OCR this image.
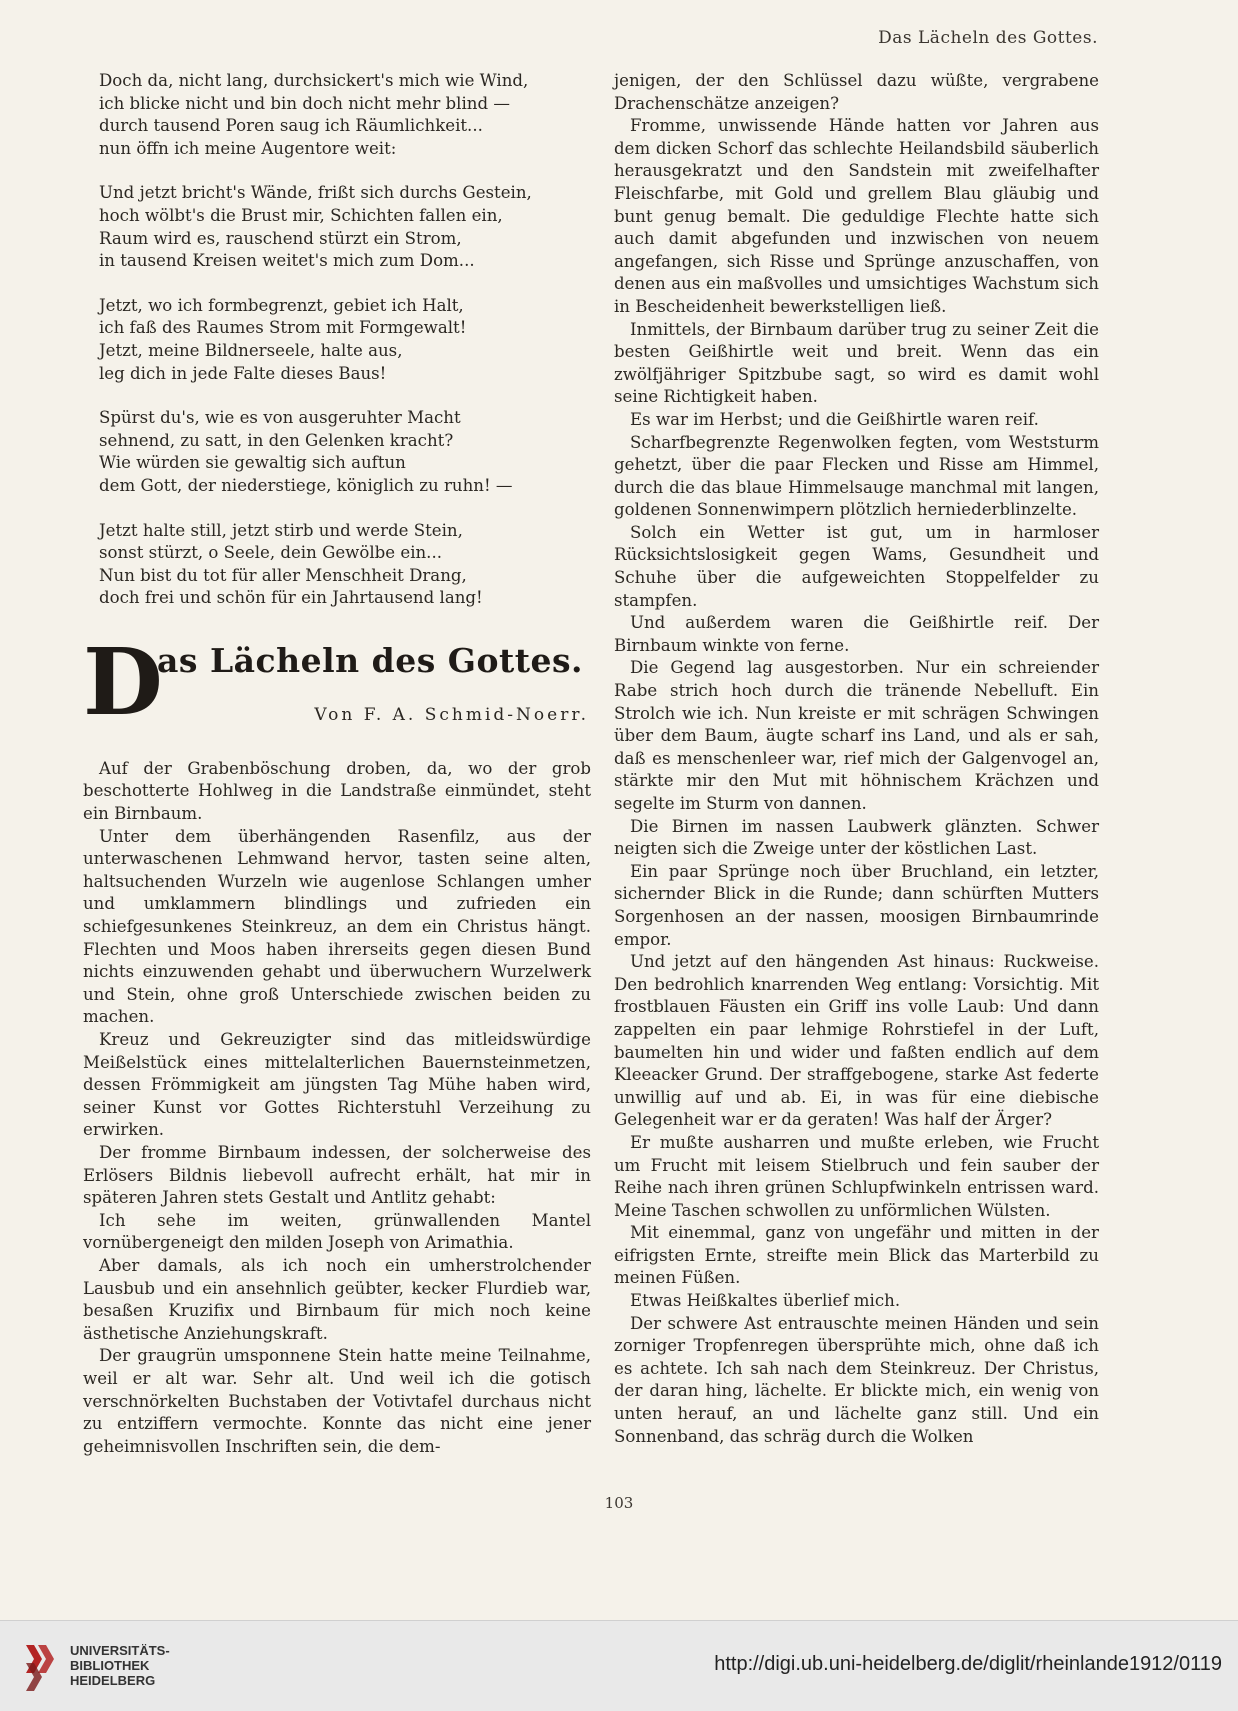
Das Lächeln des Gottes.
Doch da, nicht lang, durchsickert's mich wie Wind,
ich blicke nicht und bin doch nicht mehr blind —
durch tausend Poren saug ich Räumlichkeit...
nun öffn ich meine Augentore weit:
Und jetzt bricht's Wände, frißt sich durchs Gestein,
hoch wölbt's die Brust mir, Schichten fallen ein,
Raum wird es, rauschend stürzt ein Strom,
in tausend Kreisen weitet's mich zum Dom...
Jetzt, wo ich formbegrenzt, gebiet ich Halt,
ich faß des Raumes Strom mit Formgewalt!
Jetzt, meine Bildnerseele, halte aus,
leg dich in jede Falte dieses Baus!
Spürst du's, wie es von ausgeruhter Macht
sehnend, zu satt, in den Gelenken kracht?
Wie würden sie gewaltig sich auftun
dem Gott, der niederstiege, königlich zu ruhn! —
Jetzt halte still, jetzt stirb und werde Stein,
sonst stürzt, o Seele, dein Gewölbe ein...
Nun bist du tot für aller Menschheit Drang,
doch frei und schön für ein Jahrtausend lang!
D
as Lächeln des Gottes.
Von F. A. Schmid-Noerr.

Auf der Grabenböschung droben, da, wo der grob beschotterte Hohlweg in die Landstraße einmündet, steht ein Birnbaum.

Unter dem überhängenden Rasenfilz, aus der unterwaschenen Lehmwand hervor, tasten seine alten, haltsuchenden Wurzeln wie augenlose Schlangen umher und umklammern blindlings und zufrieden ein schiefgesunkenes Steinkreuz, an dem ein Christus hängt. Flechten und Moos haben ihrerseits gegen diesen Bund nichts einzuwenden gehabt und überwuchern Wurzelwerk und Stein, ohne groß Unterschiede zwischen beiden zu machen.

Kreuz und Gekreuzigter sind das mitleidswürdige Meißelstück eines mittelalterlichen Bauernsteinmetzen, dessen Frömmigkeit am jüngsten Tag Mühe haben wird, seiner Kunst vor Gottes Richterstuhl Verzeihung zu erwirken.

Der fromme Birnbaum indessen, der solcherweise des Erlösers Bildnis liebevoll aufrecht erhält, hat mir in späteren Jahren stets Gestalt und Antlitz gehabt:

Ich sehe im weiten, grünwallenden Mantel vornübergeneigt den milden Joseph von Arimathia.

Aber damals, als ich noch ein umherstrolchender Lausbub und ein ansehnlich geübter, kecker Flurdieb war, besaßen Kruzifix und Birnbaum für mich noch keine ästhetische Anziehungskraft.

Der graugrün umsponnene Stein hatte meine Teilnahme, weil er alt war. Sehr alt. Und weil ich die gotisch verschnörkelten Buchstaben der Votivtafel durchaus nicht zu entziffern vermochte. Konnte das nicht eine jener geheimnisvollen Inschriften sein, die dem-

jenigen, der den Schlüssel dazu wüßte, vergrabene Drachenschätze anzeigen?

Fromme, unwissende Hände hatten vor Jahren aus dem dicken Schorf das schlechte Heilandsbild säuberlich herausgekratzt und den Sandstein mit zweifelhafter Fleischfarbe, mit Gold und grellem Blau gläubig und bunt genug bemalt. Die geduldige Flechte hatte sich auch damit abgefunden und inzwischen von neuem angefangen, sich Risse und Sprünge anzuschaffen, von denen aus ein maßvolles und umsichtiges Wachstum sich in Bescheidenheit bewerkstelligen ließ.

Inmittels, der Birnbaum darüber trug zu seiner Zeit die besten Geißhirtle weit und breit. Wenn das ein zwölfjähriger Spitzbube sagt, so wird es damit wohl seine Richtigkeit haben.

Es war im Herbst; und die Geißhirtle waren reif.

Scharfbegrenzte Regenwolken fegten, vom Weststurm gehetzt, über die paar Flecken und Risse am Himmel, durch die das blaue Himmelsauge manchmal mit langen, goldenen Sonnenwimpern plötzlich herniederblinzelte.

Solch ein Wetter ist gut, um in harmloser Rücksichtslosigkeit gegen Wams, Gesundheit und Schuhe über die aufgeweichten Stoppelfelder zu stampfen.

Und außerdem waren die Geißhirtle reif. Der Birnbaum winkte von ferne.

Die Gegend lag ausgestorben. Nur ein schreiender Rabe strich hoch durch die tränende Nebelluft. Ein Strolch wie ich. Nun kreiste er mit schrägen Schwingen über dem Baum, äugte scharf ins Land, und als er sah, daß es menschenleer war, rief mich der Galgenvogel an, stärkte mir den Mut mit höhnischem Krächzen und segelte im Sturm von dannen.

Die Birnen im nassen Laubwerk glänzten. Schwer neigten sich die Zweige unter der köstlichen Last.

Ein paar Sprünge noch über Bruchland, ein letzter, sichernder Blick in die Runde; dann schürften Mutters Sorgenhosen an der nassen, moosigen Birnbaumrinde empor.

Und jetzt auf den hängenden Ast hinaus: Ruckweise. Den bedrohlich knarrenden Weg entlang: Vorsichtig. Mit frostblauen Fäusten ein Griff ins volle Laub: Und dann zappelten ein paar lehmige Rohrstiefel in der Luft, baumelten hin und wider und faßten endlich auf dem Kleeacker Grund. Der straffgebogene, starke Ast federte unwillig auf und ab. Ei, in was für eine diebische Gelegenheit war er da geraten! Was half der Ärger?

Er mußte ausharren und mußte erleben, wie Frucht um Frucht mit leisem Stielbruch und fein sauber der Reihe nach ihren grünen Schlupfwinkeln entrissen ward. Meine Taschen schwollen zu unförmlichen Wülsten.

Mit einemmal, ganz von ungefähr und mitten in der eifrigsten Ernte, streifte mein Blick das Marterbild zu meinen Füßen.

Etwas Heißkaltes überlief mich.

Der schwere Ast entrauschte meinen Händen und sein zorniger Tropfenregen übersprühte mich, ohne daß ich es achtete. Ich sah nach dem Steinkreuz. Der Christus, der daran hing, lächelte. Er blickte mich, ein wenig von unten herauf, an und lächelte ganz still. Und ein Sonnenband, das schräg durch die Wolken

103
UNIVERSITÄTS-
BIBLIOTHEK
HEIDELBERG
http://digi.ub.uni-heidelberg.de/diglit/rheinlande1912/0119
